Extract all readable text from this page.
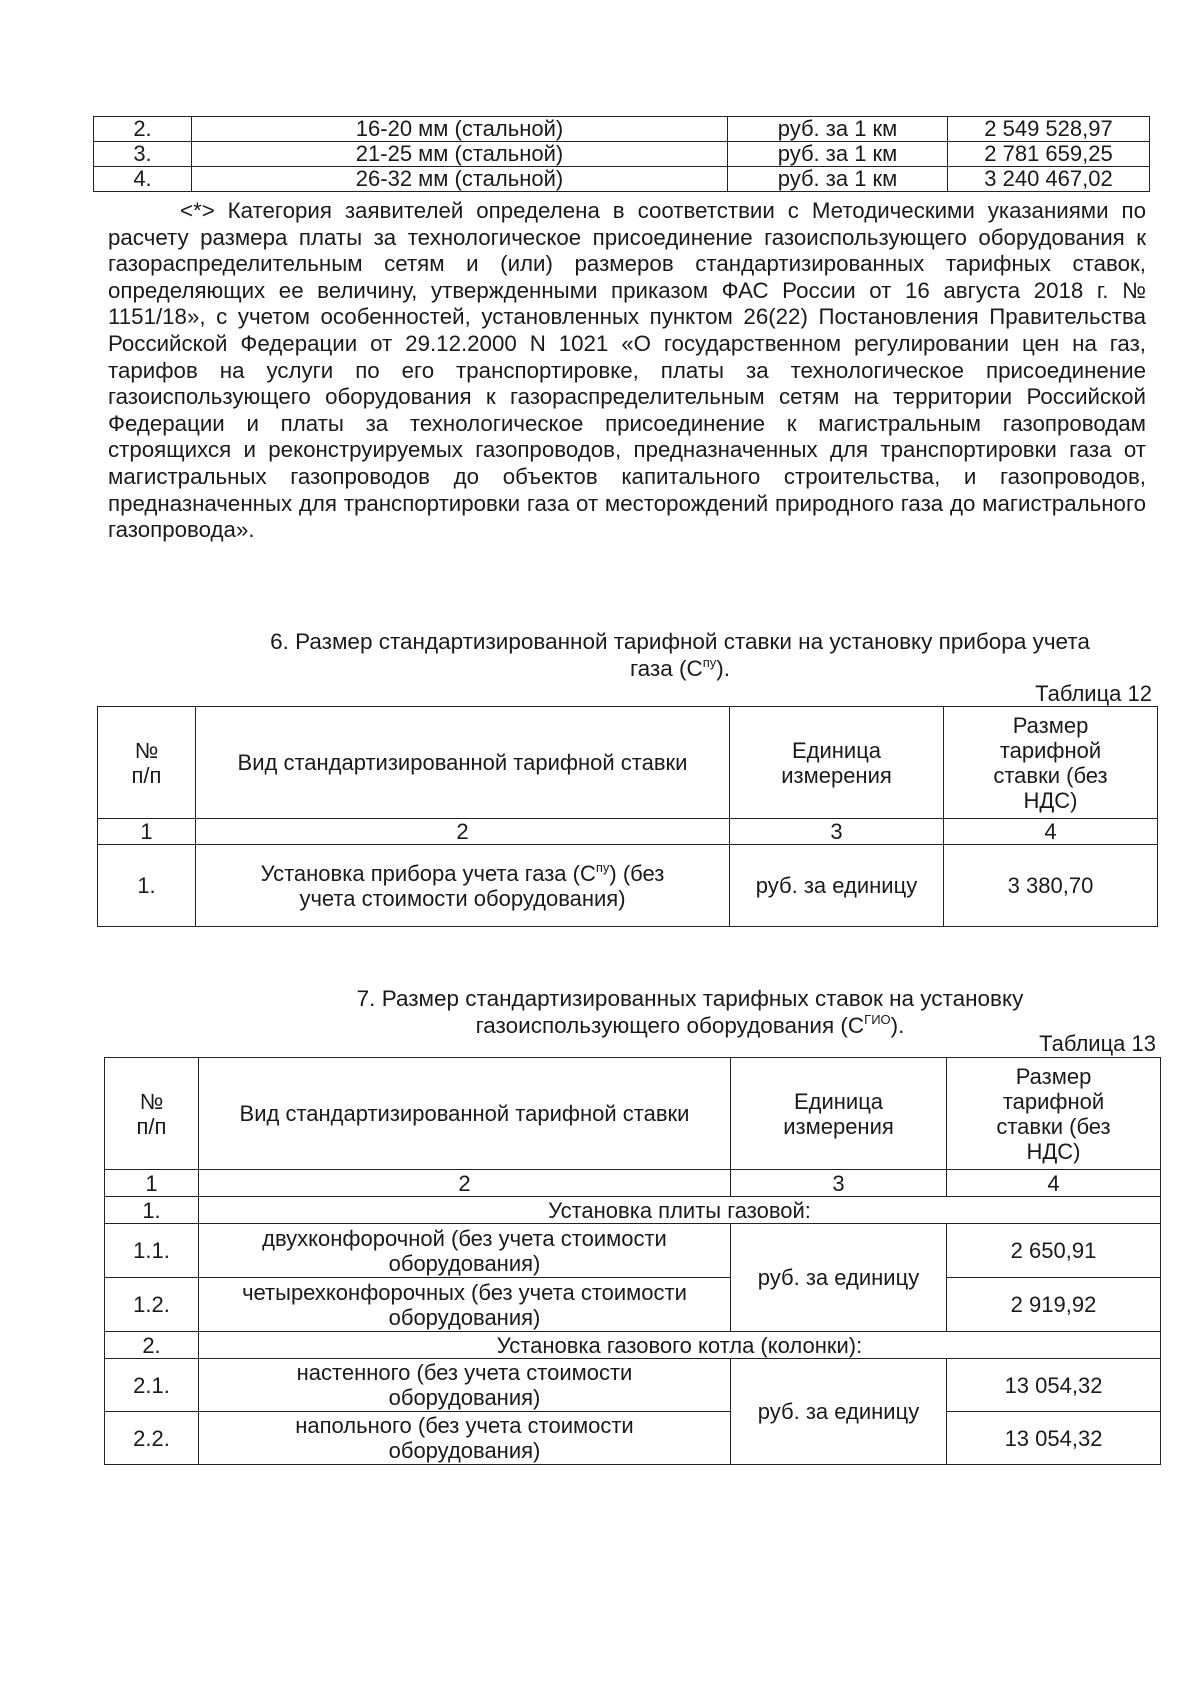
2.	16-20 мм (стальной)	руб. за 1 км	2 549 528,97
3.	21-25 мм (стальной)	руб. за 1 км	2 781 659,25
4.	26-32 мм (стальной)	руб. за 1 км	3 240 467,02

<*> Категория заявителей определена в соответствии с Методическими указаниями по расчету размера платы за технологическое присоединение газоиспользующего оборудования к газораспределительным сетям и (или) размеров стандартизированных тарифных ставок, определяющих ее величину, утвержденными приказом ФАС России от 16 августа 2018 г. № 1151/18», с учетом особенностей, установленных пунктом 26(22) Постановления Правительства Российской Федерации от 29.12.2000 N 1021 «О государственном регулировании цен на газ, тарифов на услуги по его транспортировке, платы за технологическое присоединение газоиспользующего оборудования к газораспределительным сетям на территории Российской Федерации и платы за технологическое присоединение к магистральным газопроводам строящихся и реконструируемых газопроводов, предназначенных для транспортировки газа от магистральных газопроводов до объектов капитального строительства, и газопроводов, предназначенных для транспортировки газа от месторождений природного газа до магистрального газопровода».

6. Размер стандартизированной тарифной ставки на установку прибора учета

газа $(С^{пу})$.

Таблица 12
№ п/п	Вид стандартизированной тарифной ставки	Единица измерения	Размер тарифной ставки (без НДС)
1	2	3	4
1.	Установка прибора учета газа $(С^{пу})$ (без учета стоимости оборудования)	руб. за единицу	3 380,70

7. Размер стандартизированных тарифных ставок на установку

газоиспользующего оборудования $(С^{ГИО})$.

Таблица 13
№ п/п	Вид стандартизированной тарифной ставки	Единица измерения	Размер тарифной ставки (без НДС)
1	2	3	4
1.	Установка плиты газовой:		
1.1.	двухконфорочной (без учета стоимости оборудования)	руб. за единицу	2 650,91
1.2.	четырехконфорочных (без учета стоимости оборудования)		2 919,92
2.	Установка газового котла (колонки):		
2.1.	настенного (без учета стоимости оборудования)	руб. за единицу	13 054,32
2.2.	напольного (без учета стоимости оборудования)		13 054,32
